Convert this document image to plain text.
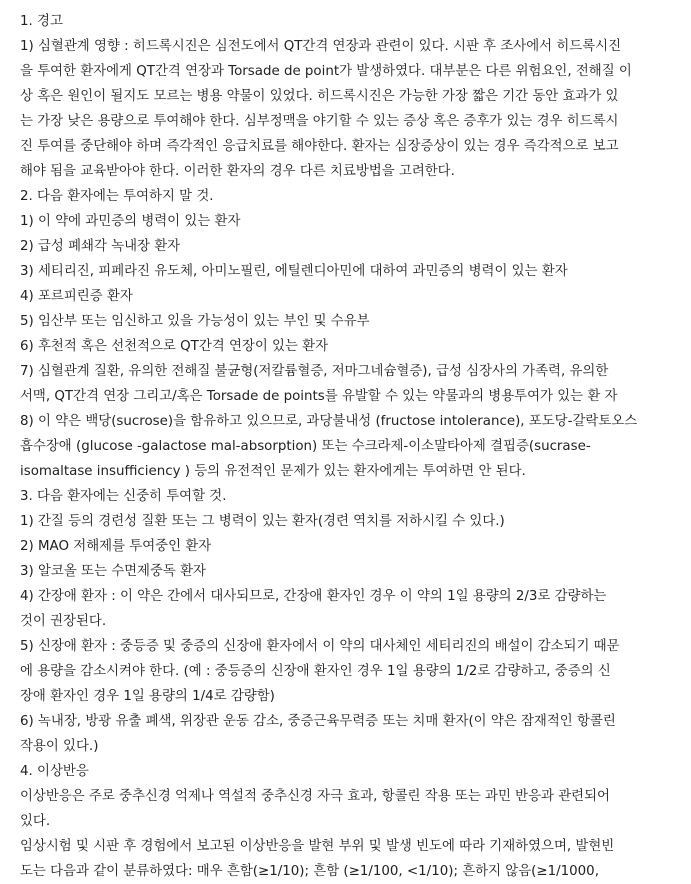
1. 경고
1) 심혈관계 영향 : 히드록시진은 심전도에서 QT간격 연장과 관련이 있다. 시판 후 조사에서 히드록시진
을 투여한 환자에게 QT간격 연장과 Torsade de point가 발생하였다. 대부분은 다른 위험요인, 전해질 이
상 혹은 원인이 될지도 모르는 병용 약물이 있었다. 히드록시진은 가능한 가장 짧은 기간 동안 효과가 있
는 가장 낮은 용량으로 투여해야 한다. 심부정맥을 야기할 수 있는 증상 혹은 증후가 있는 경우 히드록시
진 투여를 중단해야 하며 즉각적인 응급치료를 해야한다. 환자는 심장증상이 있는 경우 즉각적으로 보고
해야 됨을 교육받아야 한다. 이러한 환자의 경우 다른 치료방법을 고려한다.
2. 다음 환자에는 투여하지 말 것.
1) 이 약에 과민증의 병력이 있는 환자
2) 급성 폐쇄각 녹내장 환자
3) 세티리진, 피페라진 유도체, 아미노필린, 에틸렌디아민에 대하여 과민증의 병력이 있는 환자
4) 포르피린증 환자
5) 임산부 또는 임신하고 있을 가능성이 있는 부인 및 수유부
6) 후천적 혹은 선천적으로 QT간격 연장이 있는 환자
7) 심혈관계 질환, 유의한 전해질 불균형(저칼륨혈증, 저마그네슘혈증), 급성 심장사의 가족력, 유의한
서맥, QT간격 연장 그리고/혹은 Torsade de points를 유발할 수 있는 약물과의 병용투여가 있는 환 자
8) 이 약은 백당(sucrose)을 함유하고 있으므로, 과당불내성 (fructose intolerance), 포도당-갈락토오스
흡수장애 (glucose -galactose mal-absorption) 또는 수크라제-이소말타아제 결핍증(sucrase-
isomaltase insufficiency ) 등의 유전적인 문제가 있는 환자에게는 투여하면 안 된다.
3. 다음 환자에는 신중히 투여할 것.
1) 간질 등의 경련성 질환 또는 그 병력이 있는 환자(경련 역치를 저하시킬 수 있다.)
2) MAO 저해제를 투여중인 환자
3) 알코올 또는 수면제중독 환자
4) 간장애 환자 : 이 약은 간에서 대사되므로, 간장애 환자인 경우 이 약의 1일 용량의 2/3로 감량하는
것이 권장된다.
5) 신장애 환자 : 중등증 및 중증의 신장애 환자에서 이 약의 대사체인 세티리진의 배설이 감소되기 때문
에 용량을 감소시켜야 한다. (예 : 중등증의 신장애 환자인 경우 1일 용량의 1/2로 감량하고, 중증의 신
장애 환자인 경우 1일 용량의 1/4로 감량함)
6) 녹내장, 방광 유출 폐색, 위장관 운동 감소, 중증근육무력증 또는 치매 환자(이 약은 잠재적인 항콜린
작용이 있다.)
4. 이상반응
이상반응은 주로 중추신경 억제나 역설적 중추신경 자극 효과, 항콜린 작용 또는 과민 반응과 관련되어
있다.
임상시험 및 시판 후 경험에서 보고된 이상반응을 발현 부위 및 발생 빈도에 따라 기재하였으며, 발현빈
도는 다음과 같이 분류하였다: 매우 흔함(≥1/10); 흔함 (≥1/100, <1/10); 흔하지 않음(≥1/1000,
